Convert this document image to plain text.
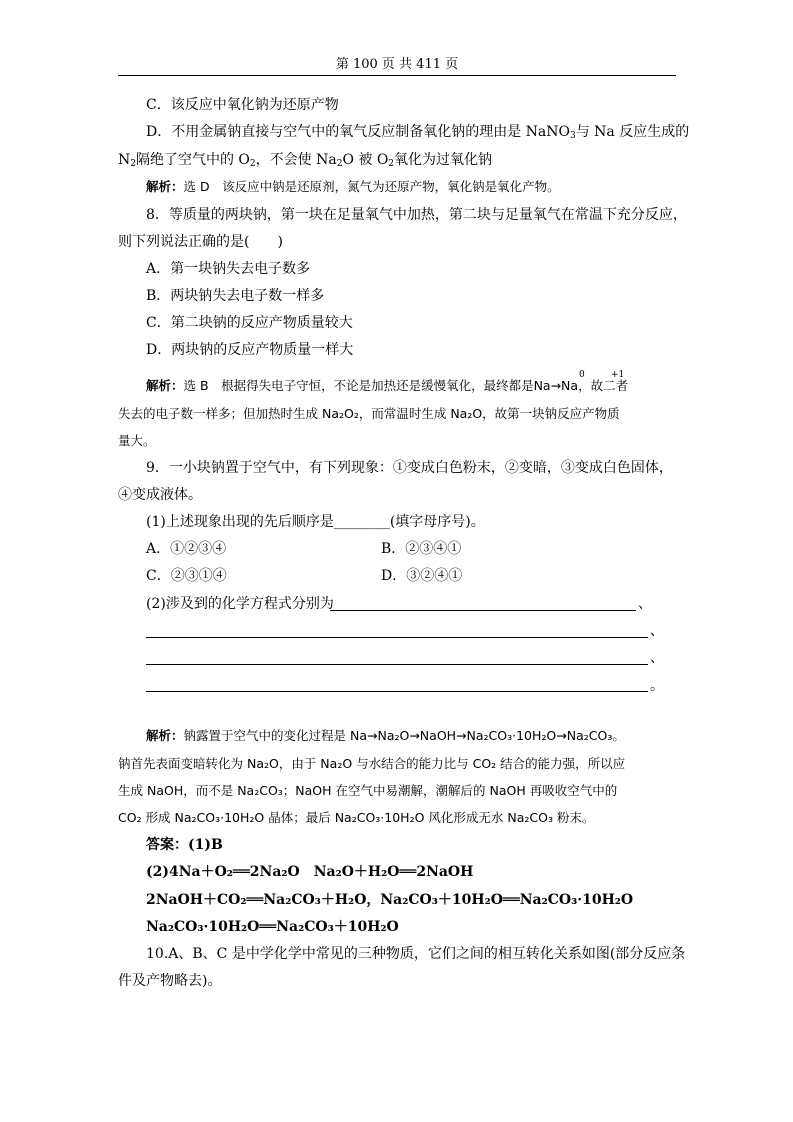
第 100 页 共 411 页
C．该反应中氧化钠为还原产物
D．不用金属钠直接与空气中的氧气反应制备氧化钠的理由是 NaNO$_3$与 Na 反应生成的
$N_2$隔绝了空气中的 $O_2$，不会使 $Na_2O$ 被 $O_2$氧化为过氧化钠
解析：选 D　该反应中钠是还原剂，氮气为还原产物，氧化钠是氧化产物。
8．等质量的两块钠，第一块在足量氧气中加热，第二块与足量氧气在常温下充分反应，
则下列说法正确的是(　　)
A．第一块钠失去电子数多
B．两块钠失去电子数一样多
C．第二块钠的反应产物质量较大
D．两块钠的反应产物质量一样大
0	+1
解析：选 B　根据得失电子守恒，不论是加热还是缓慢氧化，最终都是Na→Na，故二者
失去的电子数一样多；但加热时生成 Na₂O₂，而常温时生成 Na₂O，故第一块钠反应产物质
量大。
9．一小块钠置于空气中，有下列现象：①变成白色粉末，②变暗，③变成白色固体，
④变成液体。
(1)上述现象出现的先后顺序是________(填字母序号)。
A．①②③④	B．②③④①
C．②③①④	D．③②④①
(2)涉及到的化学方程式分别为	、
、
、
。
解析：钠露置于空气中的变化过程是 Na→Na₂O→NaOH→Na₂CO₃·10H₂O→Na₂CO₃。
钠首先表面变暗转化为 Na₂O，由于 Na₂O 与水结合的能力比与 CO₂ 结合的能力强，所以应
生成 NaOH，而不是 Na₂CO₃；NaOH 在空气中易潮解，潮解后的 NaOH 再吸收空气中的
CO₂ 形成 Na₂CO₃·10H₂O 晶体；最后 Na₂CO₃·10H₂O 风化形成无水 Na₂CO₃ 粉末。
答案：(1)B
(2)4Na＋O₂══2Na₂O　Na₂O＋H₂O══2NaOH
2NaOH＋CO₂══Na₂CO₃＋H₂O，Na₂CO₃＋10H₂O══Na₂CO₃·10H₂O
Na₂CO₃·10H₂O══Na₂CO₃＋10H₂O
10.A、B、C 是中学化学中常见的三种物质，它们之间的相互转化关系如图(部分反应条
件及产物略去)。
